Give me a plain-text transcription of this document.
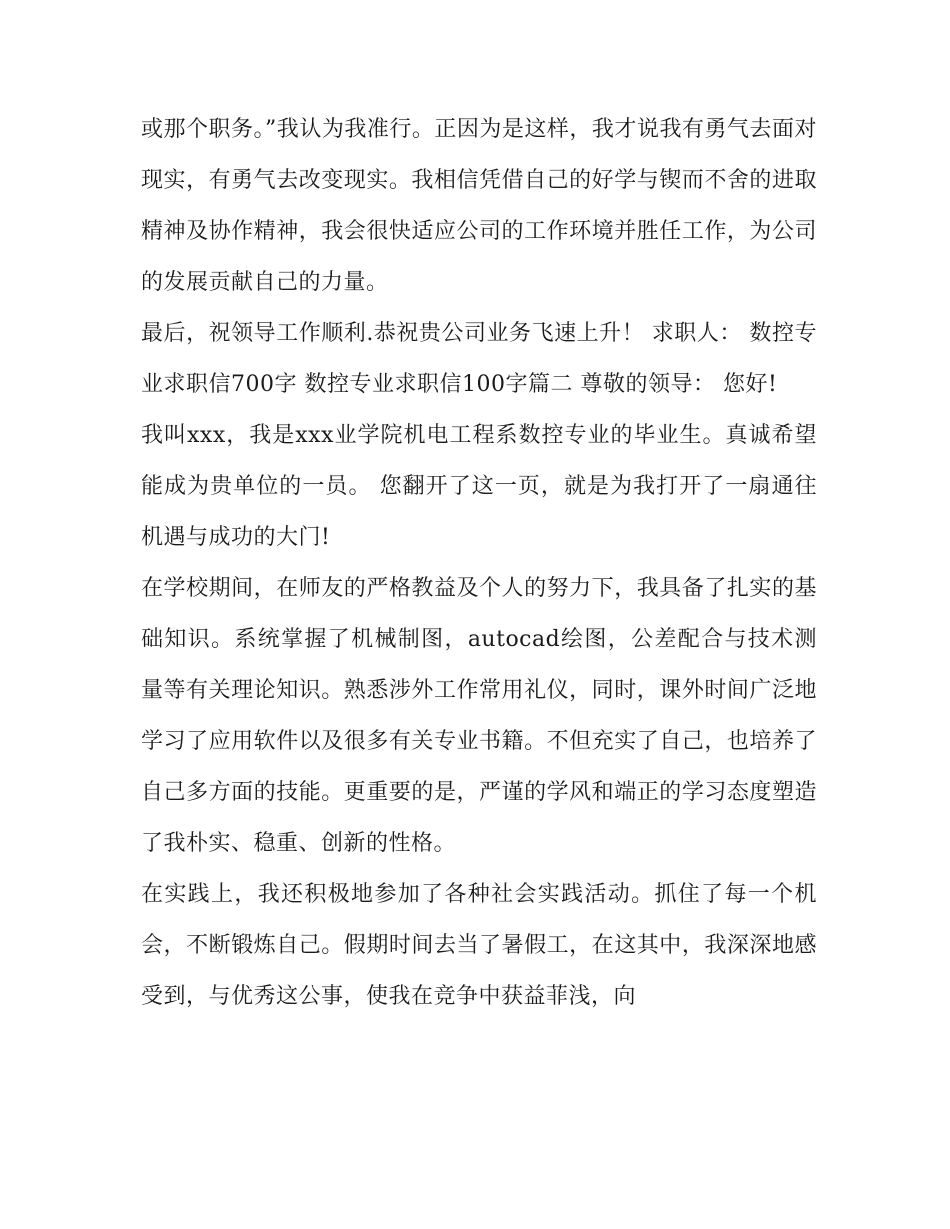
或那个职务。”我认为我准行。正因为是这样，我才说我有勇气去面对现实，有勇气去改变现实。我相信凭借自己的好学与锲而不舍的进取精神及协作精神，我会很快适应公司的工作环境并胜任工作，为公司的发展贡献自己的力量。

最后，祝领导工作顺利.恭祝贵公司业务飞速上升！ 求职人： 数控专业求职信700字 数控专业求职信100字篇二 尊敬的领导： 您好!

我叫xxx，我是xxx业学院机电工程系数控专业的毕业生。真诚希望能成为贵单位的一员。 您翻开了这一页，就是为我打开了一扇通往机遇与成功的大门!

在学校期间，在师友的严格教益及个人的努力下，我具备了扎实的基础知识。系统掌握了机械制图，autocad绘图，公差配合与技术测量等有关理论知识。熟悉涉外工作常用礼仪，同时，课外时间广泛地学习了应用软件以及很多有关专业书籍。不但充实了自己，也培养了自己多方面的技能。更重要的是，严谨的学风和端正的学习态度塑造了我朴实、稳重、创新的性格。

在实践上，我还积极地参加了各种社会实践活动。抓住了每一个机会，不断锻炼自己。假期时间去当了暑假工，在这其中，我深深地感受到，与优秀这公事，使我在竞争中获益菲浅，向
